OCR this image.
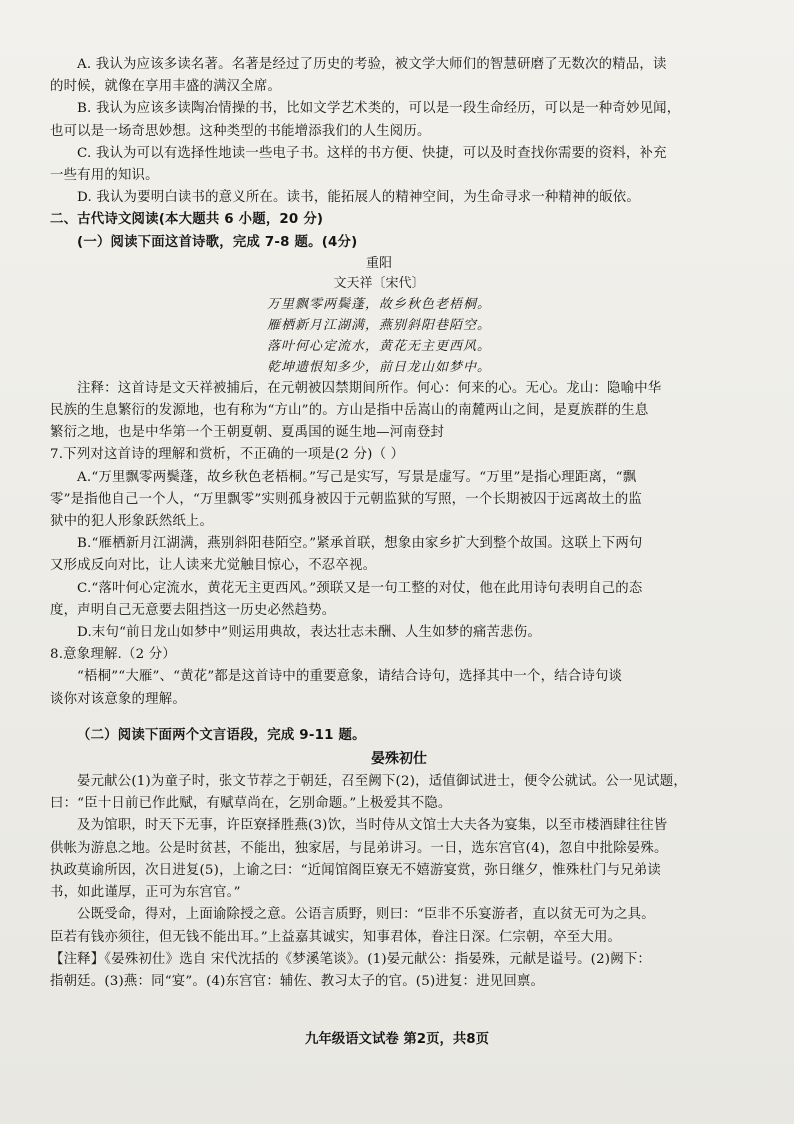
A. 我认为应该多读名著。名著是经过了历史的考验，被文学大师们的智慧研磨了无数次的精品，读
的时候，就像在享用丰盛的满汉全席。
B. 我认为应该多读陶冶情操的书，比如文学艺术类的，可以是一段生命经历，可以是一种奇妙见闻，
也可以是一场奇思妙想。这种类型的书能增添我们的人生阅历。
C. 我认为可以有选择性地读一些电子书。这样的书方便、快捷，可以及时查找你需要的资料，补充
一些有用的知识。
D. 我认为要明白读书的意义所在。读书，能拓展人的精神空间，为生命寻求一种精神的皈依。
二、古代诗文阅读(本大题共 6 小题，20 分)
(一）阅读下面这首诗歌，完成 7-8 题。(4分)
重阳
文天祥〔宋代〕
万里飘零两鬓蓬，故乡秋色老梧桐。
雁栖新月江湖满，燕别斜阳巷陌空。
落叶何心定流水，黄花无主更西风。
乾坤遗恨知多少，前日龙山如梦中。
注释：这首诗是文天祥被捕后，在元朝被囚禁期间所作。何心：何来的心。无心。龙山：隐喻中华
民族的生息繁衍的发源地，也有称为“方山”的。方山是指中岳嵩山的南麓两山之间，是夏族群的生息
繁衍之地，也是中华第一个王朝夏朝、夏禹国的诞生地—河南登封
7.下列对这首诗的理解和赏析，不正确的一项是(2 分)（ ）
A.“万里飘零两鬓蓬，故乡秋色老梧桐。”写己是实写，写景是虚写。“万里”是指心理距离，“飘
零”是指他自己一个人，“万里飘零”实则孤身被囚于元朝监狱的写照，一个长期被囚于远离故土的监
狱中的犯人形象跃然纸上。
B.“雁栖新月江湖满，燕别斜阳巷陌空。”紧承首联，想象由家乡扩大到整个故国。这联上下两句
又形成反向对比，让人读来尤觉触目惊心，不忍卒视。
C.“落叶何心定流水，黄花无主更西风。”颈联又是一句工整的对仗，他在此用诗句表明自己的态
度，声明自己无意要去阻挡这一历史必然趋势。
D.末句“前日龙山如梦中”则运用典故，表达壮志未酬、人生如梦的痛苦悲伤。
8.意象理解.（2 分）
“梧桐”“大雁”、“黄花”都是这首诗中的重要意象，请结合诗句，选择其中一个，结合诗句谈
谈你对该意象的理解。
（二）阅读下面两个文言语段，完成 9-11 题。
晏殊初仕
晏元献公(1)为童子时，张文节荐之于朝廷，召至阙下(2)，适值御试进士，便令公就试。公一见试题，
曰：“臣十日前已作此赋，有赋草尚在，乞别命题。”上极爱其不隐。
及为馆职，时天下无事，许臣寮择胜燕(3)饮，当时侍从文馆士大夫各为宴集，以至市楼酒肆往往皆
供帐为游息之地。公是时贫甚，不能出，独家居，与昆弟讲习。一日，选东宫官(4)，忽自中批除晏殊。
执政莫谕所因，次日进复(5)，上谕之曰：“近闻馆阁臣寮无不嬉游宴赏，弥日继夕，惟殊杜门与兄弟读
书，如此谨厚，正可为东宫官。”
公既受命，得对，上面谕除授之意。公语言质野，则曰：“臣非不乐宴游者，直以贫无可为之具。
臣若有钱亦须往，但无钱不能出耳。”上益嘉其诚实，知事君体，眷注日深。仁宗朝，卒至大用。
【注释】《晏殊初仕》选自 宋代沈括的《梦溪笔谈》。(1)晏元献公：指晏殊，元献是谥号。(2)阙下：
指朝廷。(3)燕：同“宴”。(4)东宫官：辅佐、教习太子的官。(5)进复：进见回禀。
九年级语文试卷 第2页，共8页
